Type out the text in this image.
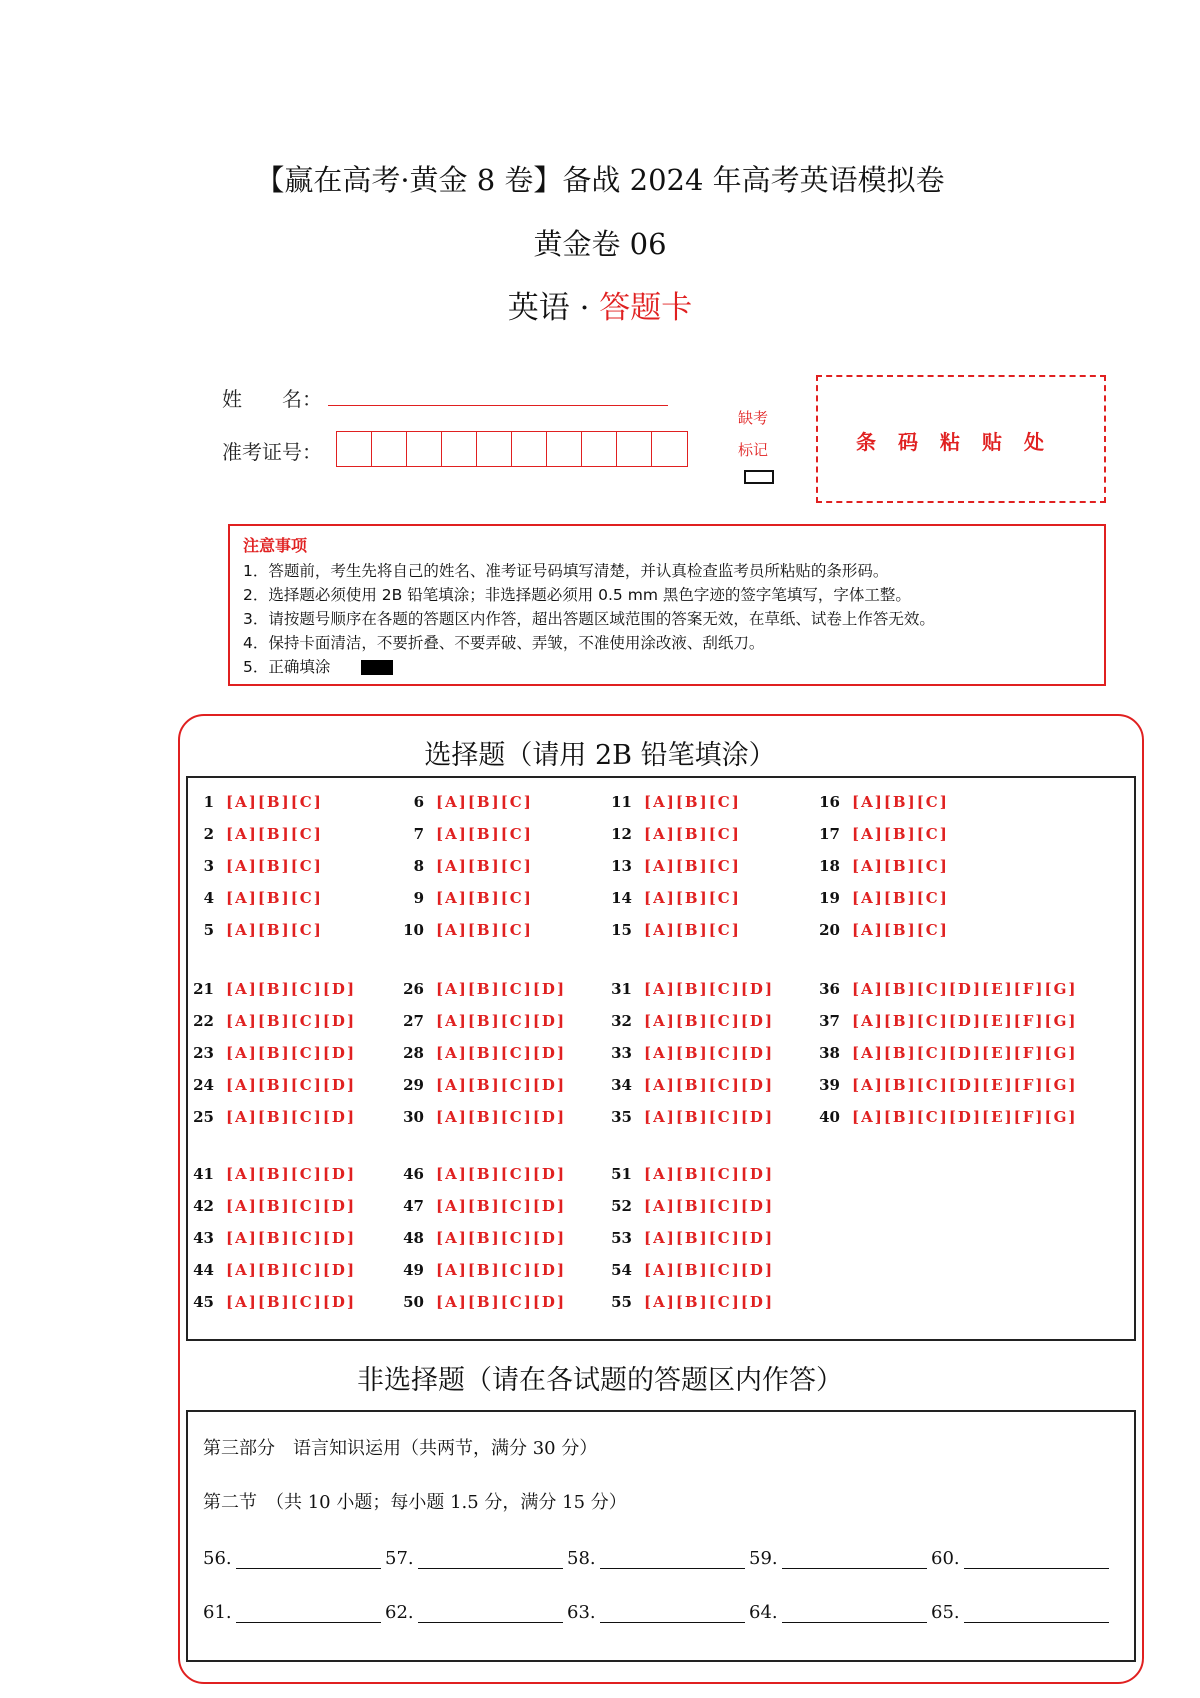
【赢在高考·黄金 8 卷】备战 2024 年高考英语模拟卷
黄金卷 06
英语 · 答题卡
姓　　名：
准考证号：
缺考
标记	条码粘贴处
注意事项
1．答题前，考生先将自己的姓名、准考证号码填写清楚，并认真检查监考员所粘贴的条形码。
2．选择题必须使用 2B 铅笔填涂；非选择题必须用 0.5 mm 黑色字迹的签字笔填写，字体工整。
3．请按题号顺序在各题的答题区内作答，超出答题区域范围的答案无效，在草纸、试卷上作答无效。
4．保持卡面清洁，不要折叠、不要弄破、弄皱，不准使用涂改液、刮纸刀。
5．正确填涂
选择题（请用 2B 铅笔填涂）
1 [A][B][C]
2 [A][B][C]
3 [A][B][C]
4 [A][B][C]
5 [A][B][C]
6 [A][B][C]
7 [A][B][C]
8 [A][B][C]
9 [A][B][C]
10 [A][B][C]
11 [A][B][C]
12 [A][B][C]
13 [A][B][C]
14 [A][B][C]
15 [A][B][C]
16 [A][B][C]
17 [A][B][C]
18 [A][B][C]
19 [A][B][C]
20 [A][B][C]
21 [A][B][C][D]
22 [A][B][C][D]
23 [A][B][C][D]
24 [A][B][C][D]
25 [A][B][C][D]
26 [A][B][C][D]
27 [A][B][C][D]
28 [A][B][C][D]
29 [A][B][C][D]
30 [A][B][C][D]
31 [A][B][C][D]
32 [A][B][C][D]
33 [A][B][C][D]
34 [A][B][C][D]
35 [A][B][C][D]
36 [A][B][C][D][E][F][G]
37 [A][B][C][D][E][F][G]
38 [A][B][C][D][E][F][G]
39 [A][B][C][D][E][F][G]
40 [A][B][C][D][E][F][G]
41 [A][B][C][D]
42 [A][B][C][D]
43 [A][B][C][D]
44 [A][B][C][D]
45 [A][B][C][D]
46 [A][B][C][D]
47 [A][B][C][D]
48 [A][B][C][D]
49 [A][B][C][D]
50 [A][B][C][D]
51 [A][B][C][D]
52 [A][B][C][D]
53 [A][B][C][D]
54 [A][B][C][D]
55 [A][B][C][D]
非选择题（请在各试题的答题区内作答）
第三部分　语言知识运用（共两节，满分 30 分）
第二节　（共 10 小题；每小题 1.5 分，满分 15 分）
56.	57.	58.	59.	60.
61.	62.	63.	64.	65.
